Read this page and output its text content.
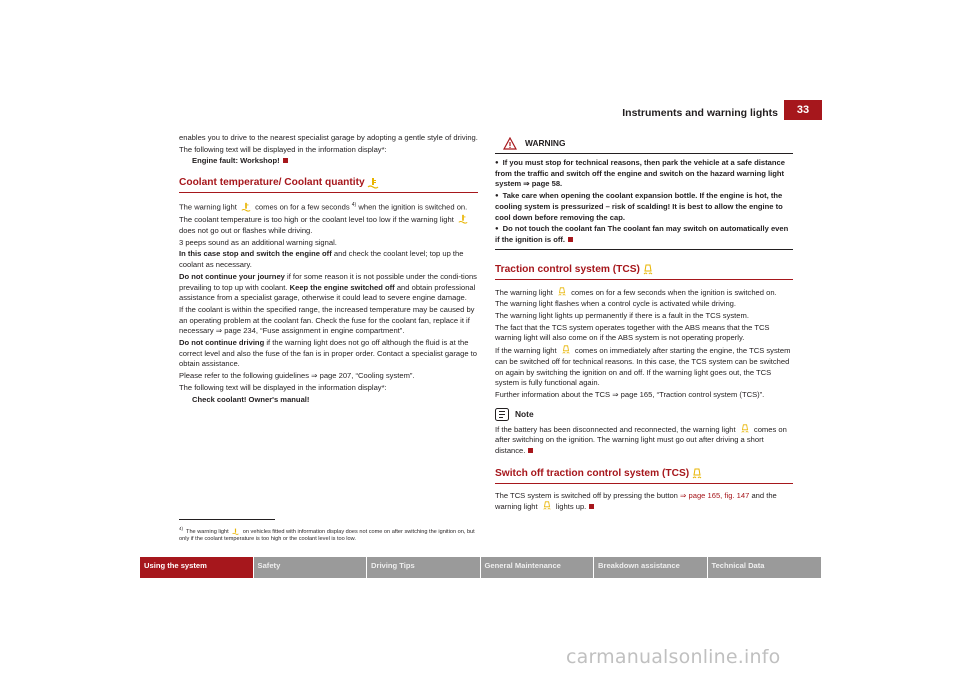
Instruments and warning lights	33

enables you to drive to the nearest specialist garage by adopting a gentle style of driving.

The following text will be displayed in the information display*:

Engine fault: Workshop!

Coolant temperature/ Coolant quantity

The warning light comes on for a few seconds $^{4)}$ when the ignition is switched on.

The coolant temperature is too high or the coolant level too low if the warning light  does not go out or flashes while driving.

3 peeps sound as an additional warning signal.

In this case stop and switch the engine off and check the coolant level; top up the coolant as necessary.

Do not continue your journey if for some reason it is not possible under the condi-tions prevailing to top up with coolant. Keep the engine switched off and obtain professional assistance from a specialist garage, otherwise it could lead to severe engine damage.

If the coolant is within the specified range, the increased temperature may be caused by an operating problem at the coolant fan. Check the fuse for the coolant fan, replace it if necessary ⇒ page 234, “Fuse assignment in engine compartment”.

Do not continue driving if the warning light does not go off although the fluid is at the correct level and also the fuse of the fan is in proper order. Contact a specialist garage to obtain assistance.

Please refer to the following guidelines ⇒ page 207, “Cooling system”.

The following text will be displayed in the information display*:

Check coolant! Owner's manual!

$^{4)}$  The warning light	on vehicles fitted with information display does not come on after switching the ignition on, but only if the coolant temperature is too high or the coolant level is too low.
WARNING

● If you must stop for technical reasons, then park the vehicle at a safe distance from the traffic and switch off the engine and switch on the hazard warning light system ⇒ page 58.

● Take care when opening the coolant expansion bottle. If the engine is hot, the cooling system is pressurized – risk of scalding! It is best to allow the engine to cool down before removing the cap.

● Do not touch the coolant fan The coolant fan may switch on automatically even if the ignition is off.

Traction control system (TCS)

The warning light comes on for a few seconds when the ignition is switched on.

The warning light flashes when a control cycle is activated while driving.

The warning light lights up permanently if there is a fault in the TCS system.

The fact that the TCS system operates together with the ABS means that the TCS warning light will also come on if the ABS system is not operating properly.

If the warning light comes on immediately after starting the engine, the TCS system can be switched off for technical reasons. In this case, the TCS system can be switched on again by switching the ignition on and off. If the warning light goes out, the TCS system is fully functional again.

Further information about the TCS ⇒ page 165, “Traction control system (TCS)”.

Note

If the battery has been disconnected and reconnected, the warning light comes on after switching on the ignition. The warning light must go out after driving a short distance.

Switch off traction control system (TCS)

The TCS system is switched off by pressing the button ⇒ page 165, fig. 147 and the warning light lights up.

Using the system	Safety	Driving Tips	General Maintenance	Breakdown assistance	Technical Data
carmanualsonline.info
